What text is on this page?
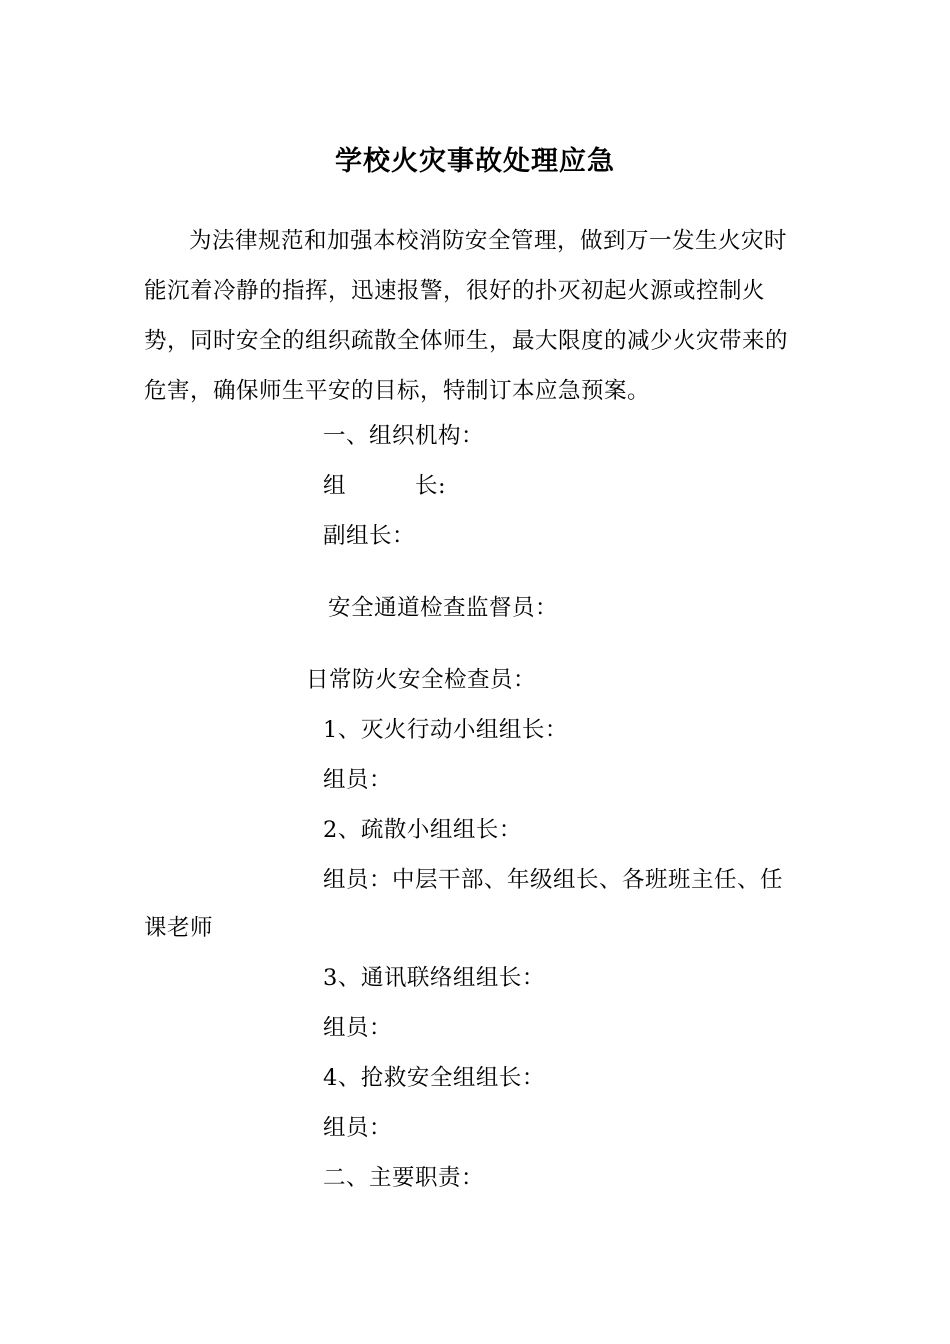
学校火灾事故处理应急
为法律规范和加强本校消防安全管理，做到万一发生火灾时能沉着冷静的指挥，迅速报警，很好的扑灭初起火源或控制火势，同时安全的组织疏散全体师生，最大限度的减少火灾带来的危害，确保师生平安的目标，特制订本应急预案。
一、组织机构：
组　　　长:
副组长：
安全通道检查监督员：
日常防火安全检查员：
1、灭火行动小组组长：
组员：
2、疏散小组组长：
组员：中层干部、年级组长、各班班主任、任
课老师
3、通讯联络组组长：
组员：
4、抢救安全组组长：
组员：
二、主要职责：
